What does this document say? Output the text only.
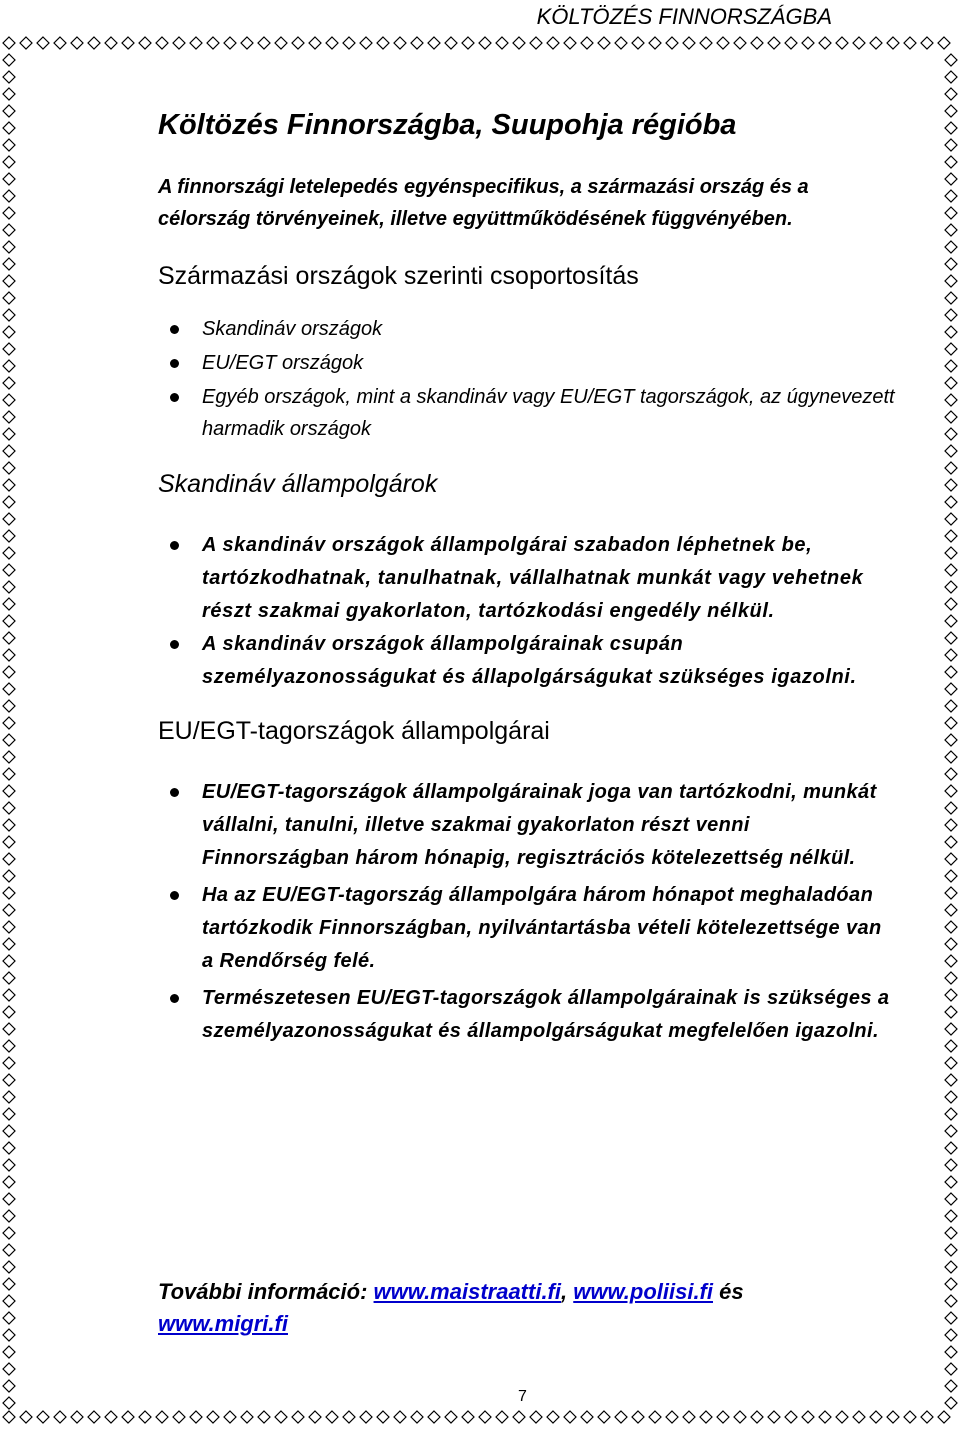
KÖLTÖZÉS FINNORSZÁGBA
Költözés Finnországba, Suupohja régióba

A finnországi letelepedés egyénspecifikus, a származási ország és a célország törvényeinek, illetve együttműködésének függvényében.

Származási országok szerinti csoportosítás
Skandináv országok
EU/EGT országok
Egyéb országok, mint a skandináv vagy EU/EGT tagországok, az úgynevezett harmadik országok
Skandináv állampolgárok
A skandináv országok állampolgárai szabadon léphetnek be, tartózkodhatnak, tanulhatnak, vállalhatnak munkát vagy vehetnek részt szakmai gyakorlaton, tartózkodási engedély nélkül.
A skandináv országok állampolgárainak csupán személyazonosságukat és állapolgárságukat szükséges igazolni.
EU/EGT-tagországok állampolgárai
EU/EGT-tagországok állampolgárainak joga van tartózkodni, munkát vállalni, tanulni, illetve szakmai gyakorlaton részt venni Finnországban három hónapig, regisztrációs kötelezettség nélkül.
Ha az EU/EGT-tagország állampolgára három hónapot meghaladóan tartózkodik Finnországban, nyilvántartásba vételi kötelezettsége van a Rendőrség felé.
Természetesen EU/EGT-tagországok állampolgárainak is szükséges a személyazonosságukat és állampolgárságukat megfelelően igazolni.
További információ: www.maistraatti.fi, www.poliisi.fi és
www.migri.fi
7
